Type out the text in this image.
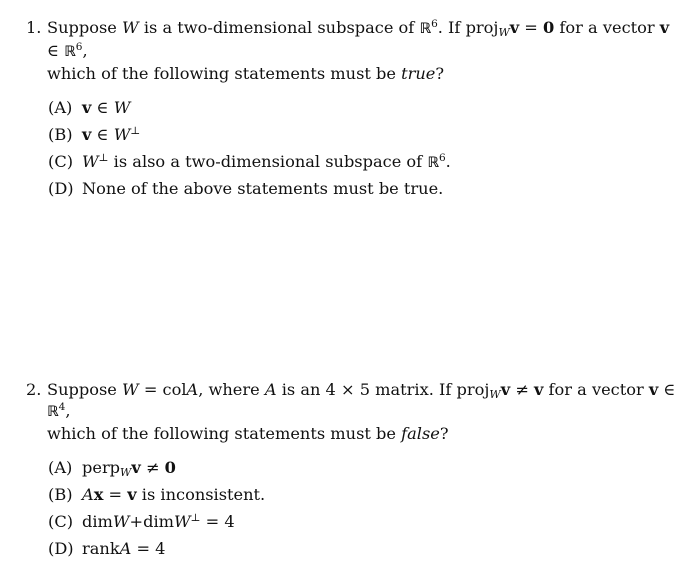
1. Suppose W is a two-dimensional subspace of ℝ$^6$. If proj$_W$v = 0 for a vector v ∈ ℝ$^6$,
which of the following statements must be true?
(A) v ∈ W
(B) v ∈ W⊥
(C) W⊥ is also a two-dimensional subspace of ℝ$^6$.
(D) None of the above statements must be true.
2. Suppose W = colA, where A is an 4 × 5 matrix. If proj$_W$v ≠ v for a vector v ∈ ℝ$^4$,
which of the following statements must be false?
(A) perp$_W$v ≠ 0
(B) Ax = v is inconsistent.
(C) dimW+dimW⊥ = 4
(D) rankA = 4
